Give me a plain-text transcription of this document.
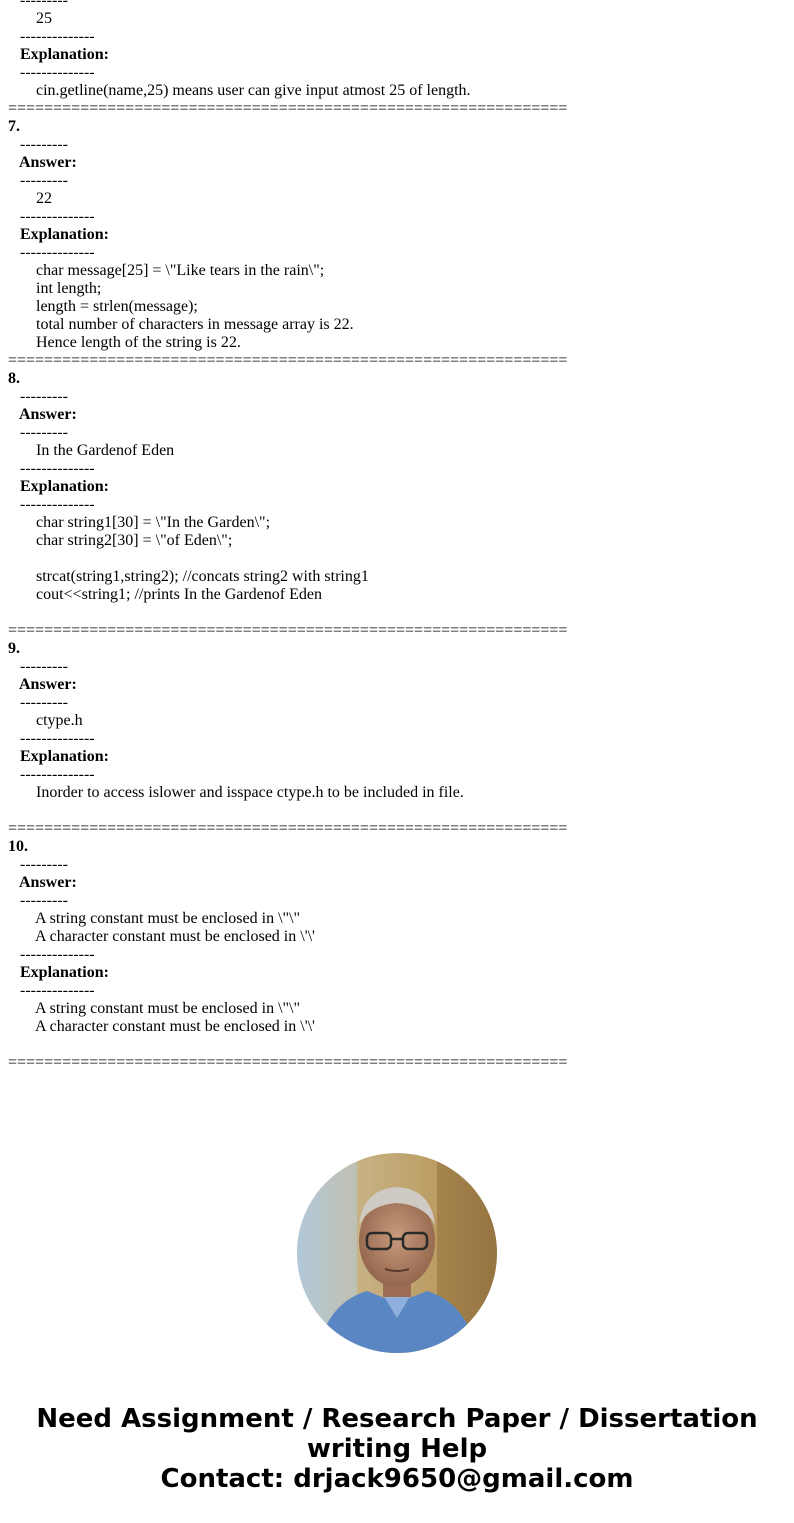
---------
25
--------------
Explanation:
--------------
cin.getline(name,25) means user can give input atmost 25 of length.
==============================================================
7.
---------
Answer:
---------
22
--------------
Explanation:
--------------
char message[25] = \"Like tears in the rain\";
int length;
length = strlen(message);
total number of characters in message array is 22.
Hence length of the string is 22.
==============================================================
8.
---------
Answer:
---------
In the Gardenof Eden
--------------
Explanation:
--------------
char string1[30] = \"In the Garden\";
char string2[30] = \"of Eden\";
strcat(string1,string2); //concats string2 with string1
cout<<string1; //prints In the Gardenof Eden
==============================================================
9.
---------
Answer:
---------
ctype.h
--------------
Explanation:
--------------
Inorder to access islower and isspace ctype.h to be included in file.
==============================================================
10.
---------
Answer:
---------
A string constant must be enclosed in \"\"
A character constant must be enclosed in \'\'
--------------
Explanation:
--------------
A string constant must be enclosed in \"\"
A character constant must be enclosed in \'\'
==============================================================
Need Assignment / Research Paper / Dissertation
writing Help
Contact: drjack9650@gmail.com
